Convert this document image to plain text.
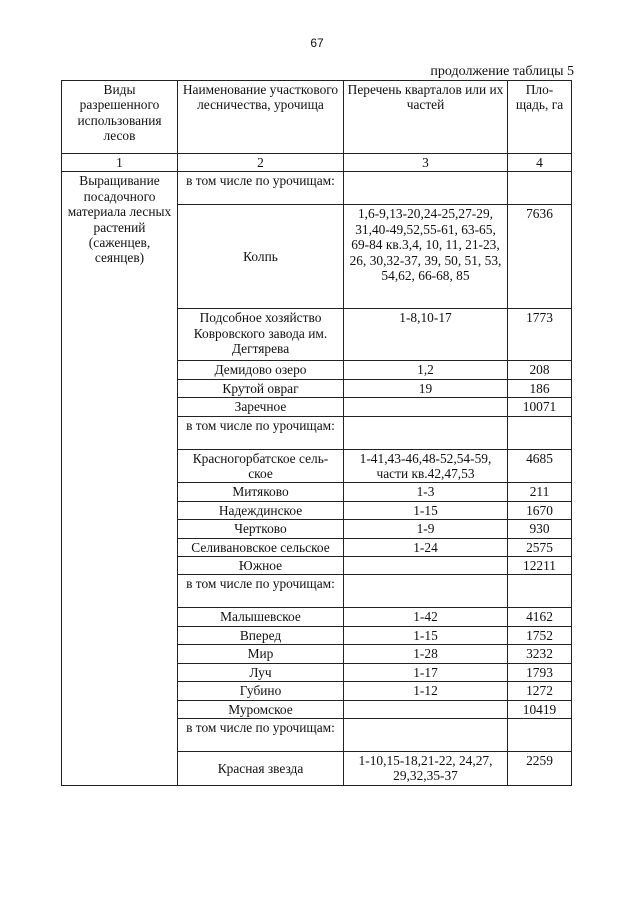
67
продолжение таблицы 5
Виды разрешенного использования лесов	Наименование участкового лесничества, урочища	Перечень кварталов или их частей	Пло-щадь, га
1	2	3	4
Выращивание посадочного материала лесных растений (саженцев, сеянцев)	в том числе по урочищам:		
	Колпь	1,6-9,13-20,24-25,27-29, 31,40-49,52,55-61, 63-65, 69-84 кв.3,4, 10, 11, 21-23, 26, 30,32-37, 39, 50, 51, 53, 54,62, 66-68, 85	7636
	Подсобное хозяйство Ковровского завода им. Дегтярева	1-8,10-17	1773
	Демидово озеро	1,2	208
	Крутой овраг	19	186
	Заречное		10071
	в том числе по урочищам:		
	Красногорбатское сель-ское	1-41,43-46,48-52,54-59, части кв.42,47,53	4685
	Митяково	1-3	211
	Надеждинское	1-15	1670
	Чертково	1-9	930
	Селивановское сельское	1-24	2575
	Южное		12211
	в том числе по урочищам:		
	Малышевское	1-42	4162
	Вперед	1-15	1752
	Мир	1-28	3232
	Луч	1-17	1793
	Губино	1-12	1272
	Муромское		10419
	в том числе по урочищам:		
	Красная звезда	1-10,15-18,21-22, 24,27, 29,32,35-37	2259
